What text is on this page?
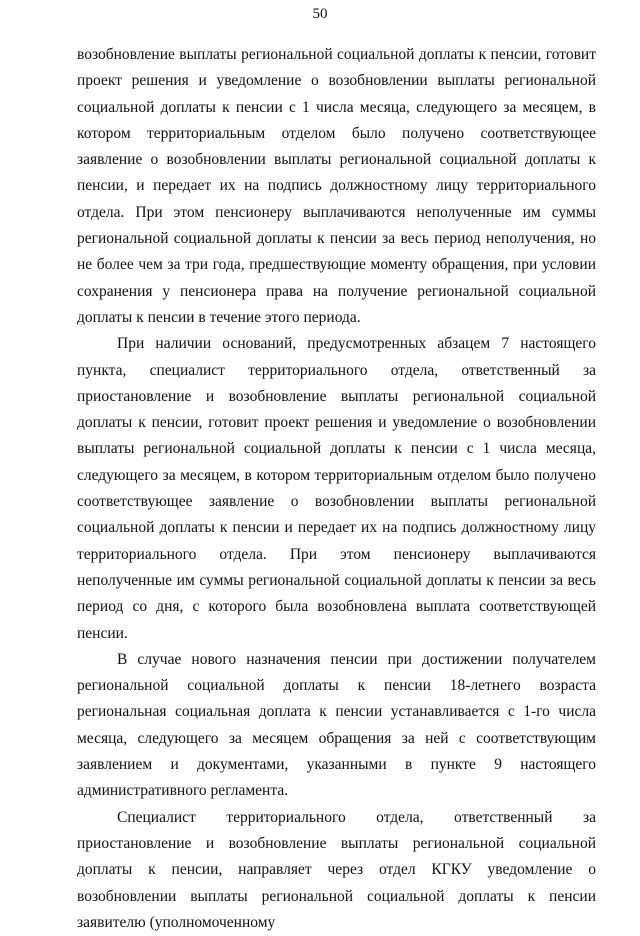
50

возобновление выплаты региональной социальной доплаты к пенсии, готовит проект решения и уведомление о возобновлении выплаты региональной социальной доплаты к пенсии с 1 числа месяца, следующего за месяцем, в котором территориальным отделом было получено соответствующее заявление о возобновлении выплаты региональной социальной доплаты к пенсии, и передает их на подпись должностному лицу территориального отдела. При этом пенсионеру выплачиваются неполученные им суммы региональной социальной доплаты к пенсии за весь период неполучения, но не более чем за три года, предшествующие моменту обращения, при условии сохранения у пенсионера права на получение региональной социальной доплаты к пенсии в течение этого периода.

При наличии оснований, предусмотренных абзацем 7 настоящего пункта, специалист территориального отдела, ответственный за приостановление и возобновление выплаты региональной социальной доплаты к пенсии, готовит проект решения и уведомление о возобновлении выплаты региональной социальной доплаты к пенсии с 1 числа месяца, следующего за месяцем, в котором территориальным отделом было получено соответствующее заявление о возобновлении выплаты региональной социальной доплаты к пенсии и передает их на подпись должностному лицу территориального отдела. При этом пенсионеру выплачиваются неполученные им суммы региональной социальной доплаты к пенсии за весь период со дня, с которого была возобновлена выплата соответствующей пенсии.

В случае нового назначения пенсии при достижении получателем региональной социальной доплаты к пенсии 18-летнего возраста региональная социальная доплата к пенсии устанавливается с 1-го числа месяца, следующего за месяцем обращения за ней с соответствующим заявлением и документами, указанными в пункте 9 настоящего административного регламента.

Специалист территориального отдела, ответственный за приостановление и возобновление выплаты региональной социальной доплаты к пенсии, направляет через отдел КГКУ уведомление о возобновлении выплаты региональной социальной доплаты к пенсии заявителю (уполномоченному
